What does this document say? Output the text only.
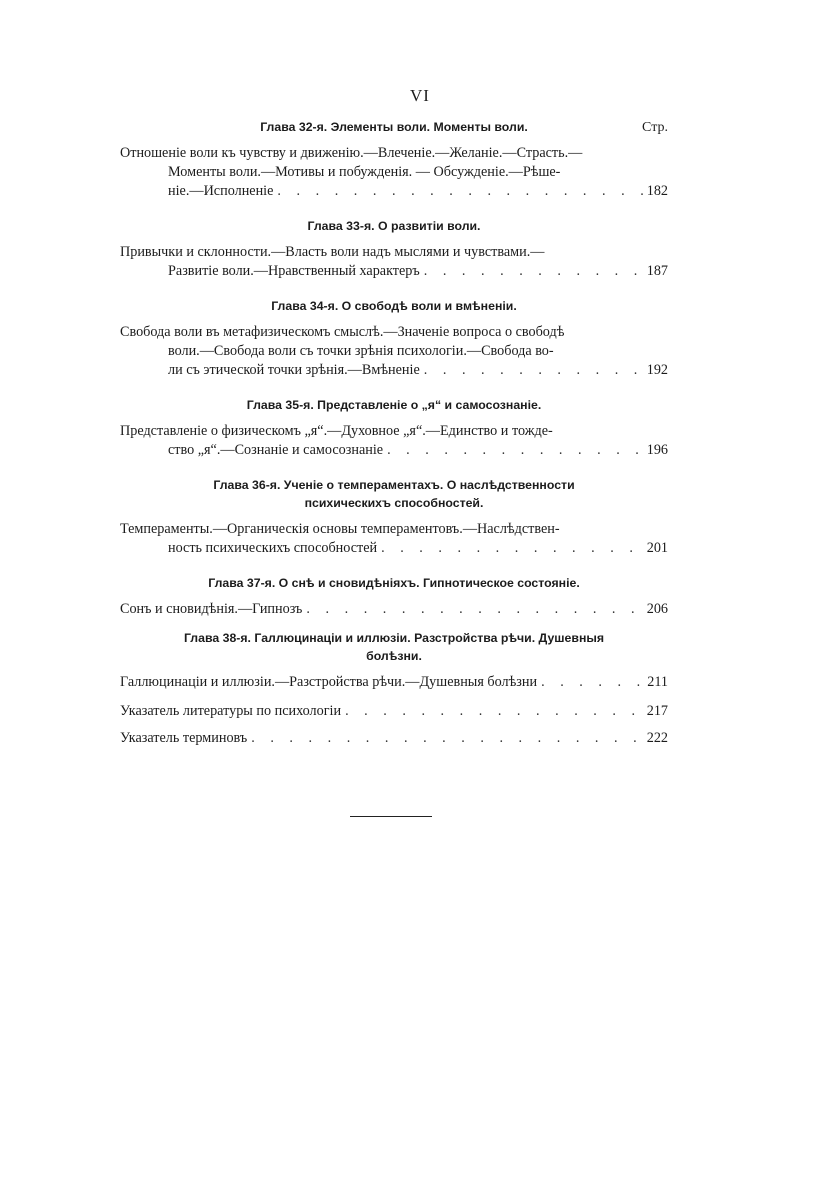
VI
Глава 32-я. Элементы воли. Моменты воли.	Стр.
Отношеніе воли къ чувству и движенію.—Влеченіе.—Желаніе.—Страсть.—
Моменты воли.—Мотивы и побужденія. — Обсужденіе.—Рѣше-
ніе.—Исполненіе . . .	182
Глава 33-я. О развитіи воли.
Привычки и склонности.—Власть воли надъ мыслями и чувствами.—
Развитіе воли.—Нравственный характеръ . . .	187
Глава 34-я. О свободѣ воли и вмѣненіи.
Свобода воли въ метафизическомъ смыслѣ.—Значеніе вопроса о свободѣ
воли.—Свобода воли съ точки зрѣнія психологіи.—Свобода во-
ли съ этической точки зрѣнія.—Вмѣненіе . . .	192
Глава 35-я. Представленіе о „я“ и самосознаніе.
Представленіе о физическомъ „я“.—Духовное „я“.—Единство и тождe-
ство „я“.—Сознаніе и самосознаніе . . .	196
Глава 36-я. Ученіе о темпераментахъ. О наслѣдственности психическихъ способностей.
Темпераменты.—Органическія основы темпераментовъ.—Наслѣдствен-
ность психическихъ способностей . . .	201
Глава 37-я. О снѣ и сновидѣніяхъ. Гипнотическое состояніе.
Сонъ и сновидѣнія.—Гипнозъ . . .	206
Глава 38-я. Галлюцинаціи и иллюзіи. Разстройства рѣчи. Душевныя болѣзни.
Галлюцинаціи и иллюзіи.—Разстройства рѣчи.—Душевныя болѣзни . . .	211
Указатель литературы по психологіи . . .	217
Указатель терминовъ . . .	222
